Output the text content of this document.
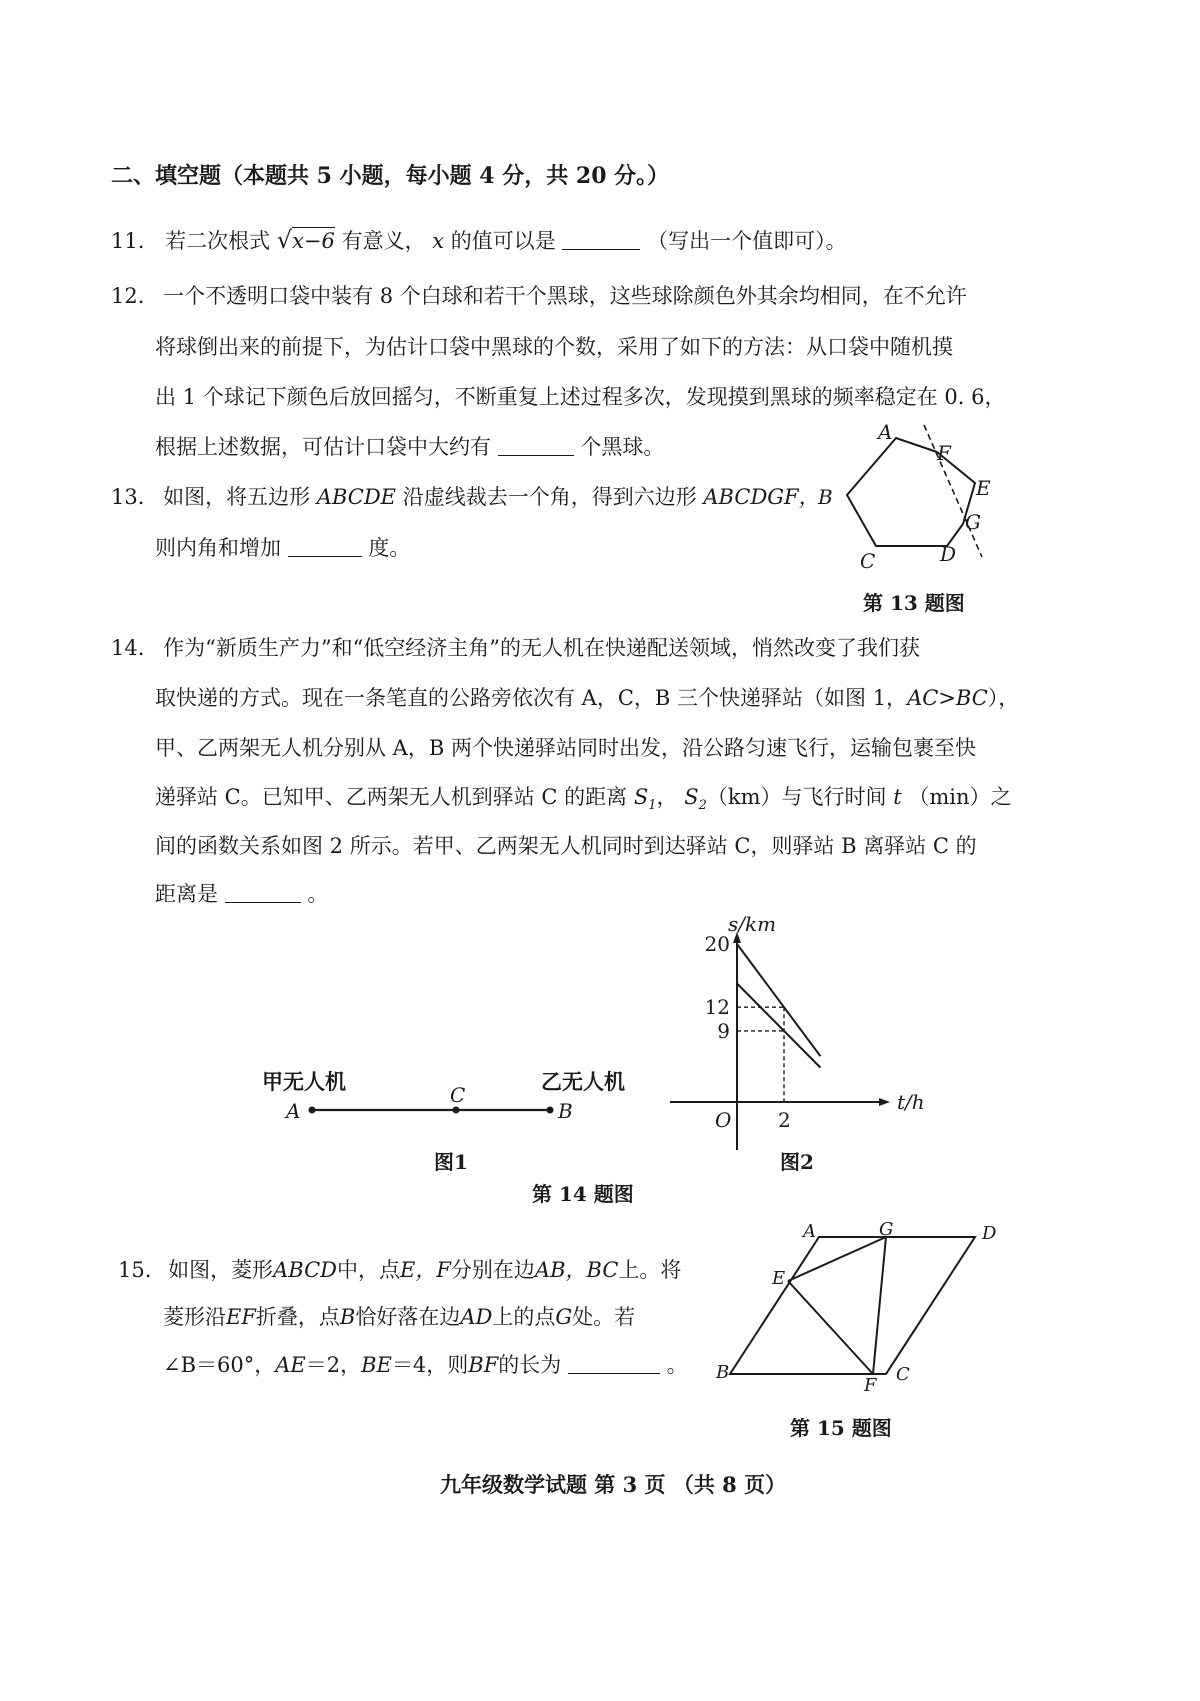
二、填空题（本题共 5 小题，每小题 4 分，共 20 分。）
11. 若二次根式 √x−6 有意义， x 的值可以是	（写出一个值即可）。
12. 一个不透明口袋中装有 8 个白球和若干个黑球，这些球除颜色外其余均相同，在不允许
将球倒出来的前提下，为估计口袋中黑球的个数，采用了如下的方法：从口袋中随机摸
出 1 个球记下颜色后放回摇匀，不断重复上述过程多次，发现摸到黑球的频率稳定在 0. 6，
根据上述数据，可估计口袋中大约有	个黑球。
13. 如图，将五边形 ABCDE 沿虚线裁去一个角，得到六边形 ABCDGF，
则内角和增加	度。
A
F
E
B
G
C	D
第 13 题图
14. 作为“新质生产力”和“低空经济主角”的无人机在快递配送领域，悄然改变了我们获
取快递的方式。现在一条笔直的公路旁依次有 A，C，B 三个快递驿站（如图 1，AC>BC），
甲、乙两架无人机分别从 A，B 两个快递驿站同时出发，沿公路匀速飞行，运输包裹至快
递驿站 C。已知甲、乙两架无人机到驿站 C 的距离 $S_1$， $S_2(km)$与飞行时间 t （min）之
间的函数关系如图 2 所示。若甲、乙两架无人机同时到达驿站 C，则驿站 B 离驿站 C 的
距离是	。
甲无人机	乙无人机
A
C
B
图1
s/km
t/h
O
9
12
20
2
图2
第 14 题图
15. 如图，菱形ABCD中，点E，F分别在边AB，BC上。将
菱形沿EF折叠，点B恰好落在边AD上的点G处。若
∠B＝60°，AE＝2，BE＝4，则BF的长为	。
A	G	D
E
B
F
C
第 15 题图
九年级数学试题 第 3 页 （共 8 页）
